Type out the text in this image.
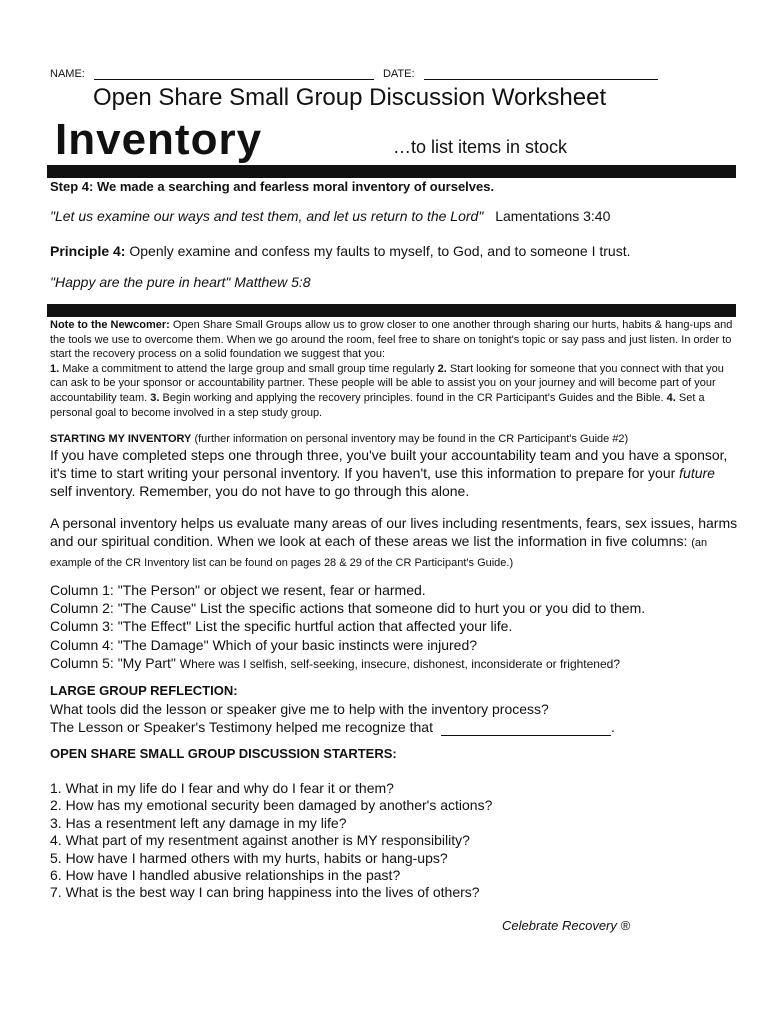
NAME:	DATE:
Open Share Small Group Discussion Worksheet
Inventory	…to list items in stock
Step 4: We made a searching and fearless moral inventory of ourselves.
"Let us examine our ways and test them, and let us return to the Lord" Lamentations 3:40
Principle 4: Openly examine and confess my faults to myself, to God, and to someone I trust.
"Happy are the pure in heart" Matthew 5:8
Note to the Newcomer: Open Share Small Groups allow us to grow closer to one another through sharing our hurts, habits & hang-ups and the tools we use to overcome them. When we go around the room, feel free to share on tonight's topic or say pass and just listen. In order to start the recovery process on a solid foundation we suggest that you:
1. Make a commitment to attend the large group and small group time regularly 2. Start looking for someone that you connect with that you can ask to be your sponsor or accountability partner. These people will be able to assist you on your journey and will become part of your accountability team. 3. Begin working and applying the recovery principles. found in the CR Participant's Guides and the Bible. 4. Set a personal goal to become involved in a step study group.
STARTING MY INVENTORY (further information on personal inventory may be found in the CR Participant's Guide #2)
If you have completed steps one through three, you've built your accountability team and you have a sponsor, it's time to start writing your personal inventory. If you haven't, use this information to prepare for your future self inventory. Remember, you do not have to go through this alone.
A personal inventory helps us evaluate many areas of our lives including resentments, fears, sex issues, harms and our spiritual condition. When we look at each of these areas we list the information in five columns: (an example of the CR Inventory list can be found on pages 28 & 29 of the CR Participant's Guide.)
Column 1: "The Person" or object we resent, fear or harmed.
Column 2: "The Cause" List the specific actions that someone did to hurt you or you did to them.
Column 3: "The Effect" List the specific hurtful action that affected your life.
Column 4: "The Damage" Which of your basic instincts were injured?
Column 5: "My Part" Where was I selfish, self-seeking, insecure, dishonest, inconsiderate or frightened?
LARGE GROUP REFLECTION:
What tools did the lesson or speaker give me to help with the inventory process?
The Lesson or Speaker's Testimony helped me recognize that	.
OPEN SHARE SMALL GROUP DISCUSSION STARTERS:
1. What in my life do I fear and why do I fear it or them?
2. How has my emotional security been damaged by another's actions?
3. Has a resentment left any damage in my life?
4. What part of my resentment against another is MY responsibility?
5. How have I harmed others with my hurts, habits or hang-ups?
6. How have I handled abusive relationships in the past?
7. What is the best way I can bring happiness into the lives of others?
Celebrate Recovery ®
